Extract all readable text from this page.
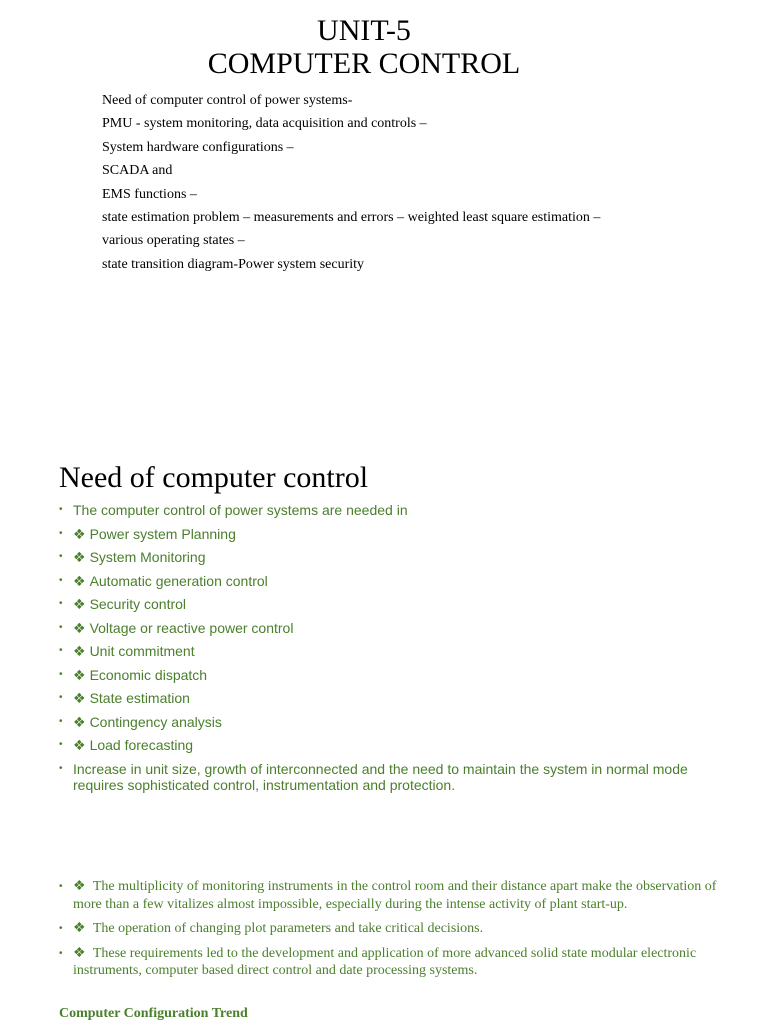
UNIT-5
COMPUTER CONTROL
Need of computer control of power systems-
PMU - system monitoring, data acquisition and controls –
System hardware configurations –
SCADA and
EMS functions –
state estimation problem – measurements and errors – weighted least square estimation –
various operating states –
state transition diagram-Power system security
Need of computer control
• The computer control of power systems are needed in
• ❖ Power system Planning
• ❖ System Monitoring
• ❖ Automatic generation control
• ❖ Security control
• ❖ Voltage or reactive power control
• ❖ Unit commitment
• ❖ Economic dispatch
• ❖ State estimation
• ❖ Contingency analysis
• ❖ Load forecasting
• Increase in unit size, growth of interconnected and the need to maintain the system in normal mode requires sophisticated control, instrumentation and protection.
• ❖ The multiplicity of monitoring instruments in the control room and their distance apart make the observation of more than a few vitalizes almost impossible, especially during the intense activity of plant start-up.
• ❖ The operation of changing plot parameters and take critical decisions.
• ❖ These requirements led to the development and application of more advanced solid state modular electronic instruments, computer based direct control and date processing systems.
Computer Configuration Trend
